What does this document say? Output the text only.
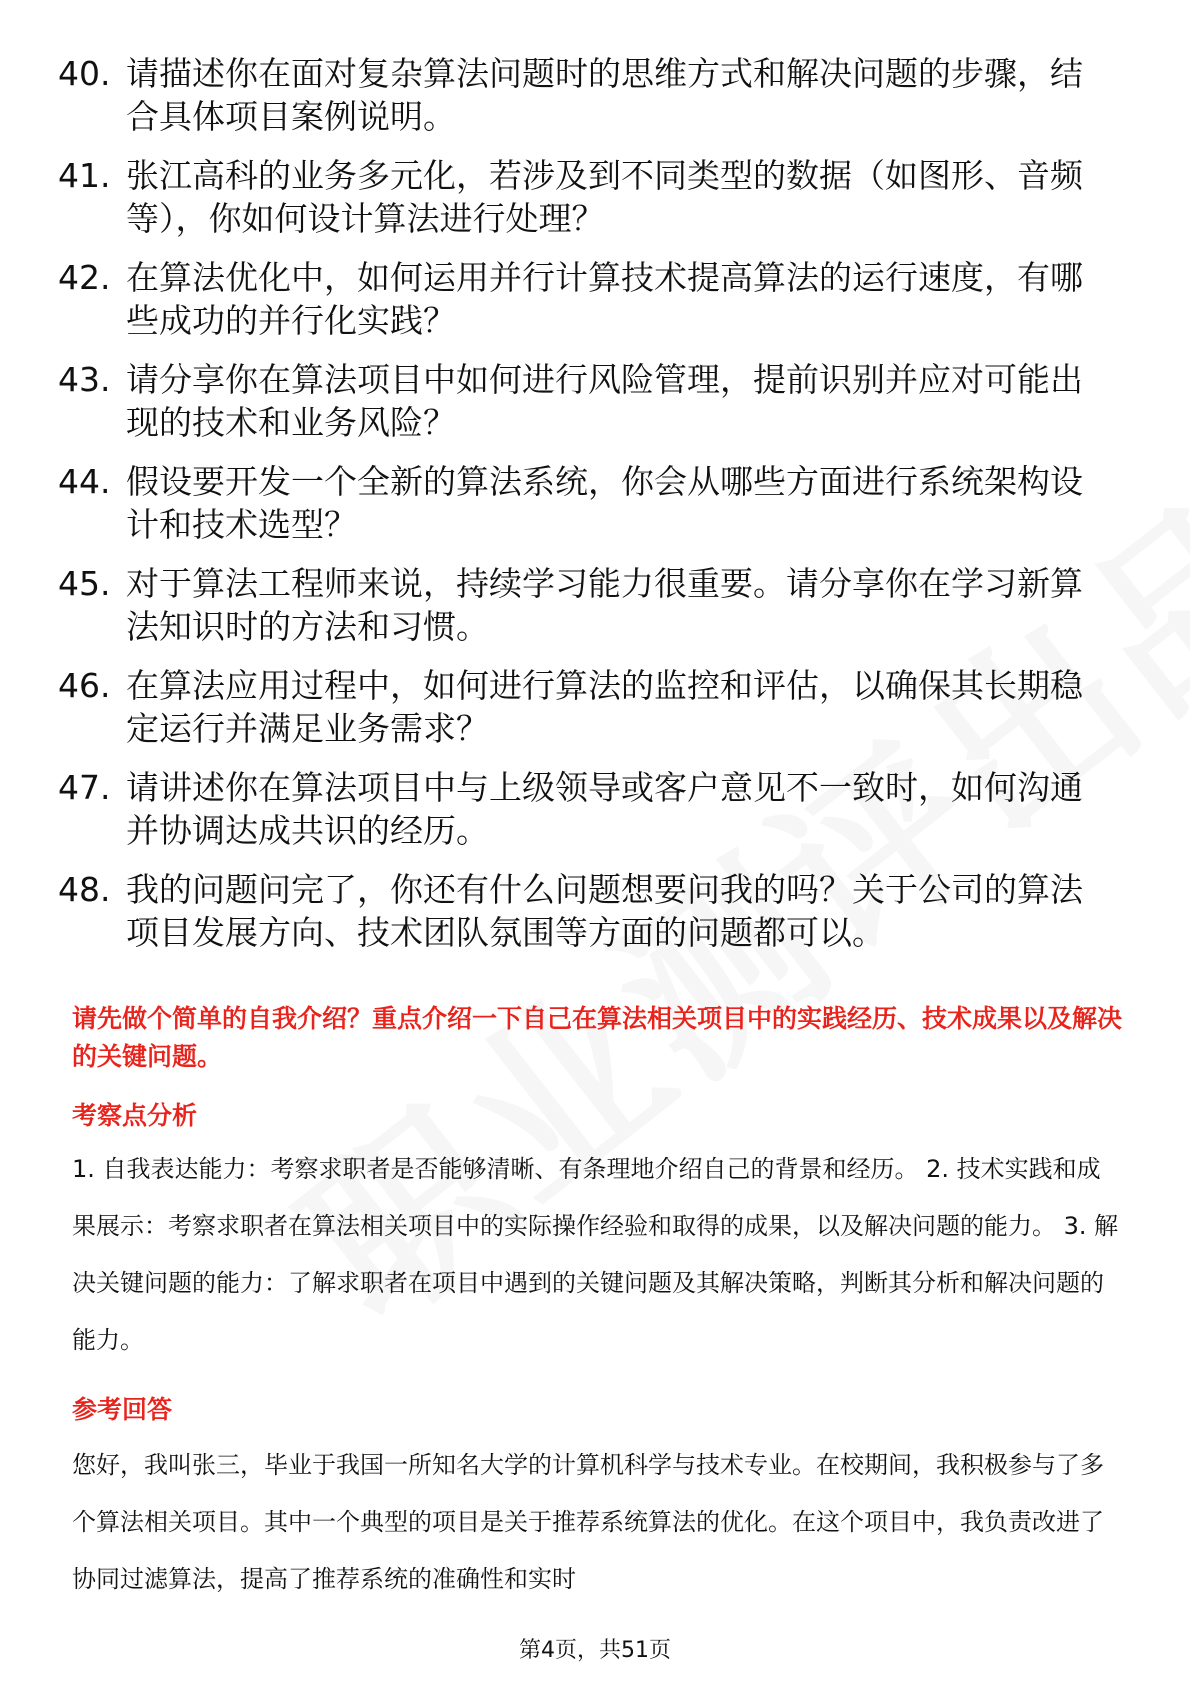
40. 请描述你在面对复杂算法问题时的思维方式和解决问题的步骤，结合具体项目案例说明。
41. 张江高科的业务多元化，若涉及到不同类型的数据（如图形、音频等），你如何设计算法进行处理？
42. 在算法优化中，如何运用并行计算技术提高算法的运行速度，有哪些成功的并行化实践？
43. 请分享你在算法项目中如何进行风险管理，提前识别并应对可能出现的技术和业务风险？
44. 假设要开发一个全新的算法系统，你会从哪些方面进行系统架构设计和技术选型？
45. 对于算法工程师来说，持续学习能力很重要。请分享你在学习新算法知识时的方法和习惯。
46. 在算法应用过程中，如何进行算法的监控和评估，以确保其长期稳定运行并满足业务需求？
47. 请讲述你在算法项目中与上级领导或客户意见不一致时，如何沟通并协调达成共识的经历。
48. 我的问题问完了，你还有什么问题想要问我的吗？关于公司的算法项目发展方向、技术团队氛围等方面的问题都可以。
请先做个简单的自我介绍？重点介绍一下自己在算法相关项目中的实践经历、技术成果以及解决的关键问题。
考察点分析
1. 自我表达能力：考察求职者是否能够清晰、有条理地介绍自己的背景和经历。 2. 技术实践和成果展示：考察求职者在算法相关项目中的实际操作经验和取得的成果，以及解决问题的能力。 3. 解决关键问题的能力：了解求职者在项目中遇到的关键问题及其解决策略，判断其分析和解决问题的能力。
参考回答
您好，我叫张三，毕业于我国一所知名大学的计算机科学与技术专业。在校期间，我积极参与了多个算法相关项目。其中一个典型的项目是关于推荐系统算法的优化。在这个项目中，我负责改进了协同过滤算法，提高了推荐系统的准确性和实时
第4页，共51页
